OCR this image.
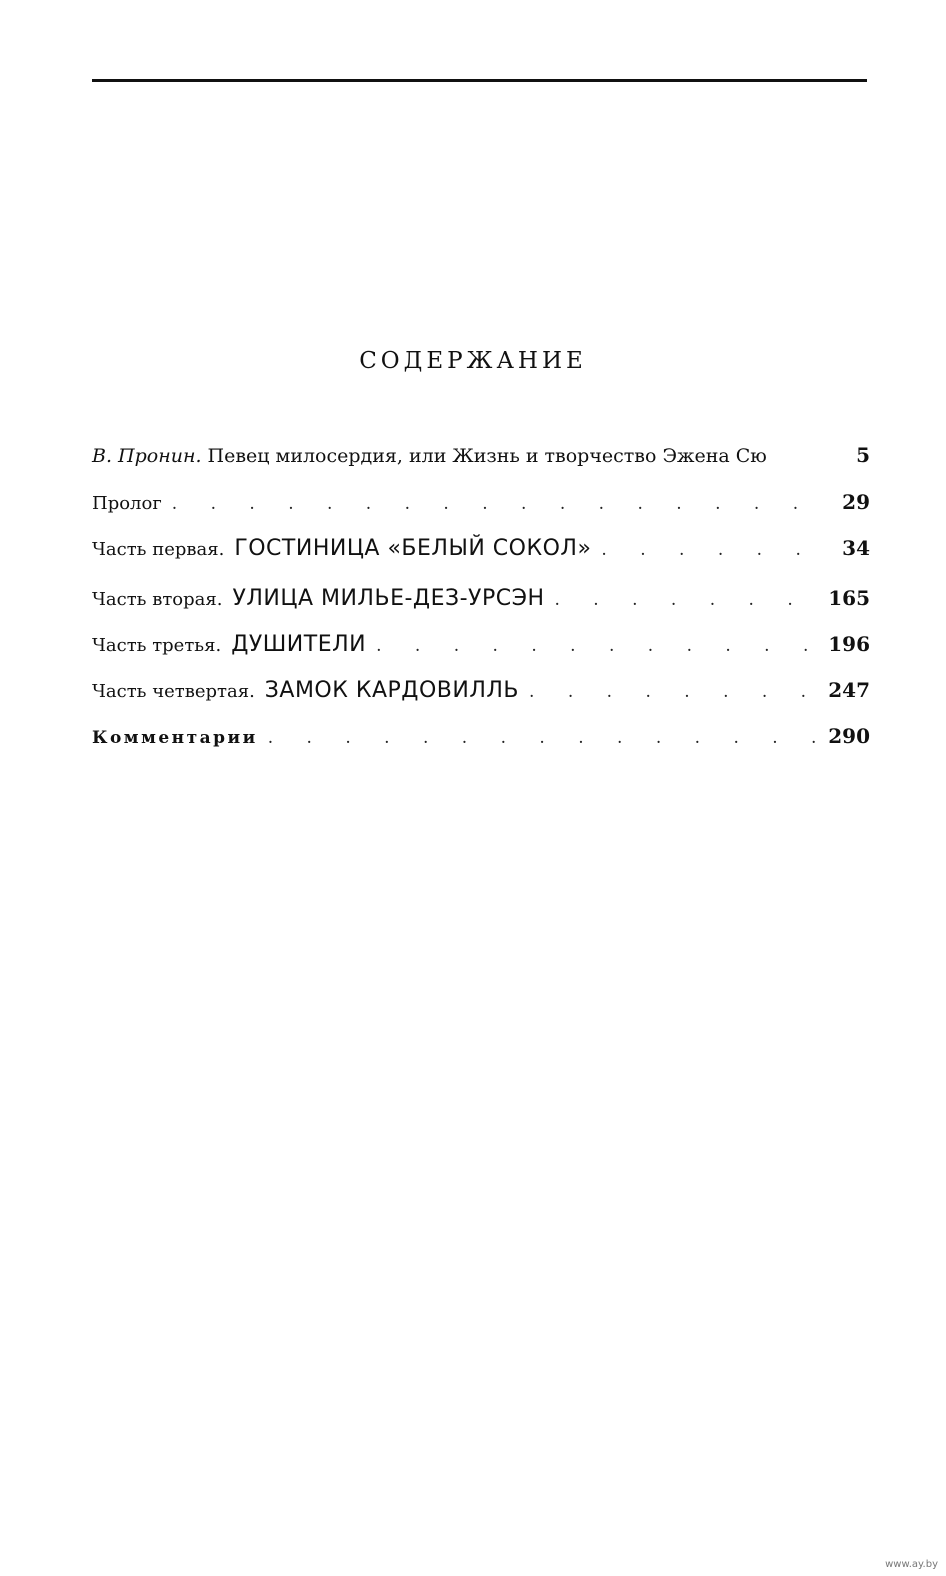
СОДЕРЖАНИЕ
В. Пронин. Певец милосердия, или Жизнь и творчество Эжена Сю	5
Пролог . . .	29
Часть первая. ГОСТИНИЦА «БЕЛЫЙ СОКОЛ» . . .	34
Часть вторая. УЛИЦА МИЛЬЕ-ДЕЗ-УРСЭН . . .	165
Часть третья. ДУШИТЕЛИ . . .	196
Часть четвертая. ЗАМОК КАРДОВИЛЛЬ . . .	247
Комментарии . . .	290
www.ay.by
